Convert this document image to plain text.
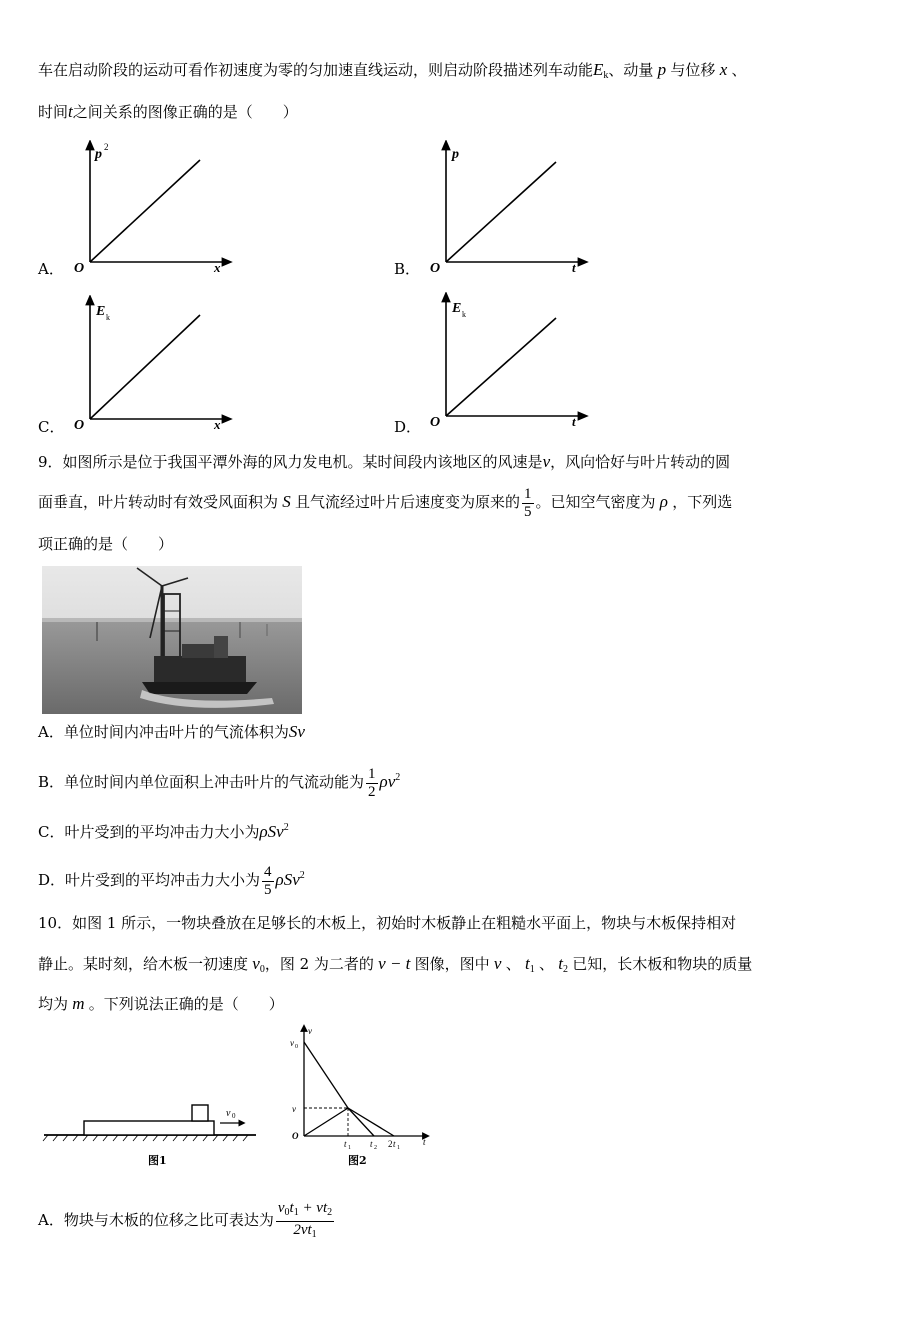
车在启动阶段的运动可看作初速度为零的匀加速直线运动，则启动阶段描述列车动能$E_k$、动量 p 与位移 x 、
时间t之间关系的图像正确的是（　　）
A．
p 2
O	x	B．
p
O	t
C．
E k
O	x	D．
E k
O	t
9．如图所示是位于我国平潭外海的风力发电机。某时间段内该地区的风速是v，风向恰好与叶片转动的圆
面垂直，叶片转动时有效受风面积为 S 且气流经过叶片后速度变为原来的 $\frac{1}{5}$ 。已知空气密度为 ρ ，下列选
项正确的是（　　）
A．单位时间内冲击叶片的气流体积为Sv
B．单位时间内单位面积上冲击叶片的气流动能为 $\frac{1}{2} \rho v^2$
C．叶片受到的平均冲击力大小为ρSv$^2$
D．叶片受到的平均冲击力大小为 $\frac{4}{5} \rho Sv^2$
10．如图 1 所示，一物块叠放在足够长的木板上，初始时木板静止在粗糙水平面上，物块与木板保持相对
静止。某时刻，给木板一初速度 $v_0$，图 2 为二者的 v − t 图像，图中 v 、 $t_1$ 、 $t_2$ 已知，长木板和物块的质量
均为 m 。下列说法正确的是（　　）
v 0
图1
v
v 0
v
O
t
t 1 t 2 2 t 1
图2
A．物块与木板的位移之比可表达为 $\frac{v_0t_1 + vt_2}{2vt_1}$
